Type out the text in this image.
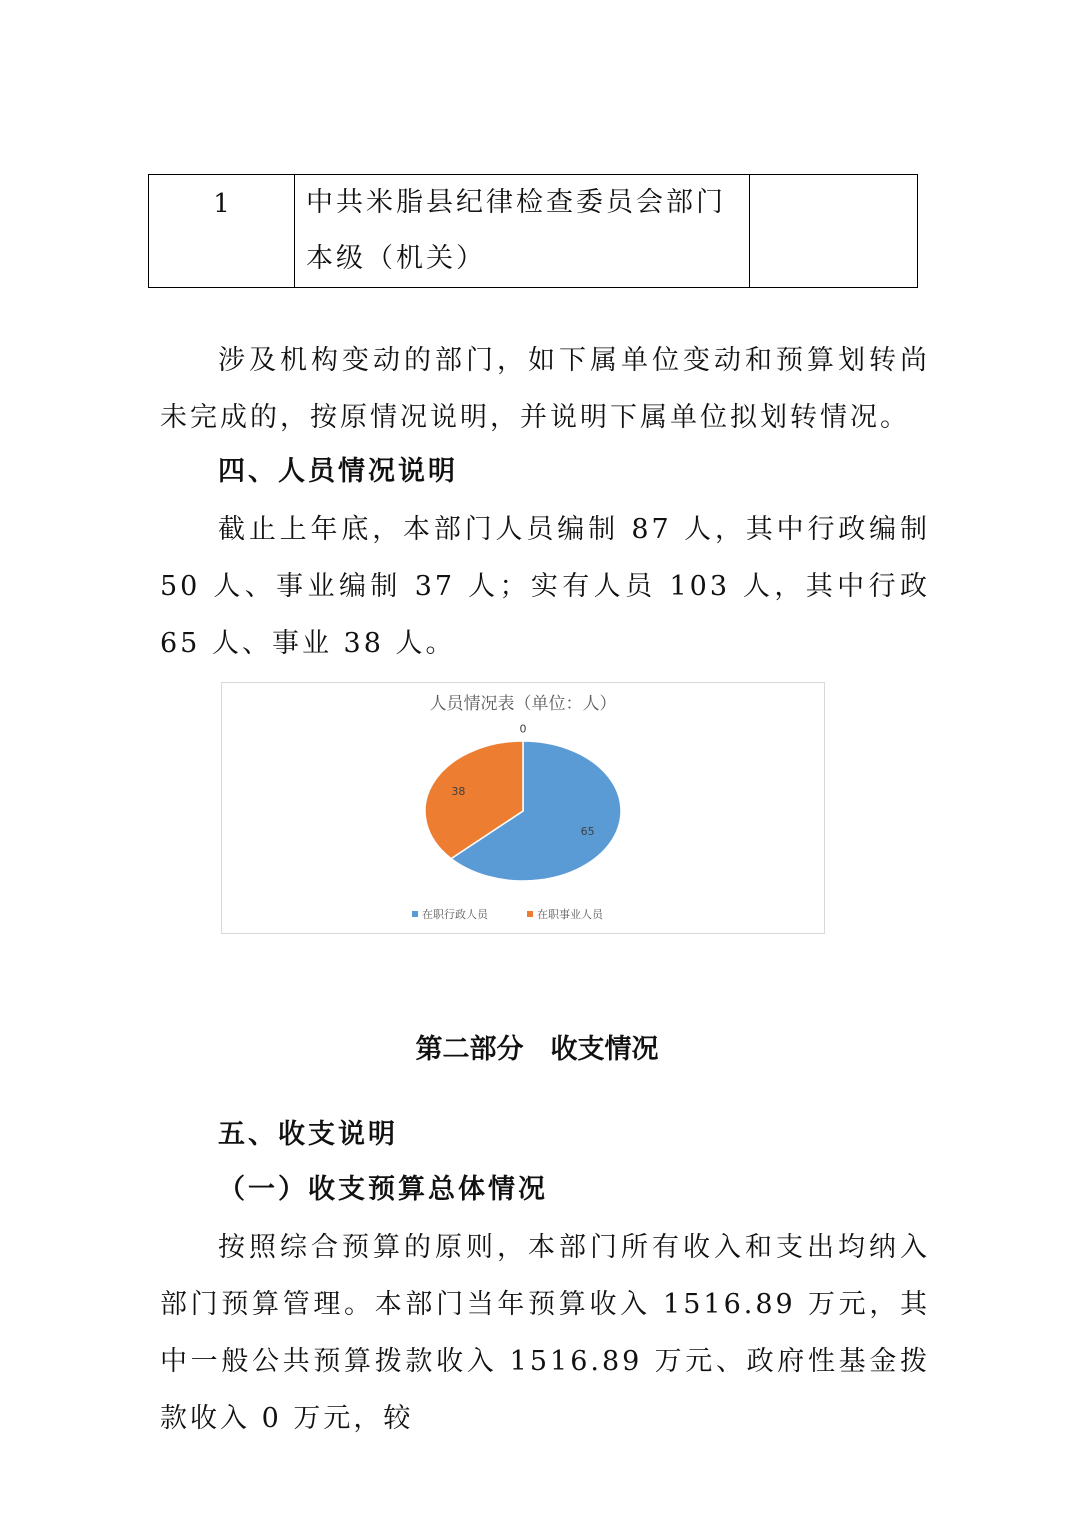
1	中共米脂县纪律检查委员会部门
本级（机关）

涉及机构变动的部门，如下属单位变动和预算划转尚未完成的，按原情况说明，并说明下属单位拟划转情况。

四、人员情况说明

截止上年底，本部门人员编制 87 人，其中行政编制 50 人、事业编制 37 人；实有人员 103 人，其中行政 65 人、事业 38 人。

人员情况表（单位：人）
65
38
0
在职行政人员	在职事业人员
第二部分　收支情况
五、收支说明
（一）收支预算总体情况

按照综合预算的原则，本部门所有收入和支出均纳入部门预算管理。本部门当年预算收入 1516.89 万元，其中一般公共预算拨款收入 1516.89 万元、政府性基金拨款收入 0 万元，较
